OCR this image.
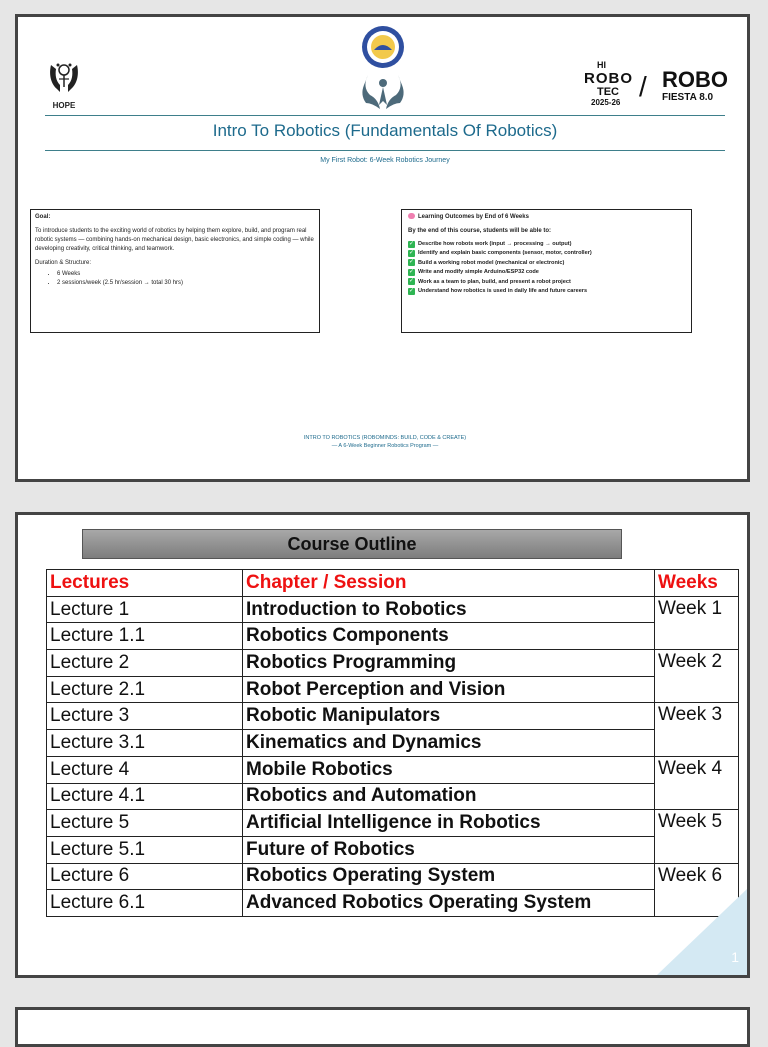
HOPE
HI
ROBO
TEC
2025-26
/ ROBO
FIESTA 8.0
Intro To Robotics (Fundamentals Of Robotics)
My First Robot: 6-Week Robotics Journey

Goal:

To introduce students to the exciting world of robotics by helping them explore, build, and program real robotic systems — combining hands-on mechanical design, basic electronics, and simple coding — while developing creativity, critical thinking, and teamwork.

Duration & Structure:
• 6 Weeks
• 2 sessions/week (2.5 hr/session → total 30 hrs)
Learning Outcomes by End of 6 Weeks
By the end of this course, students will be able to:
✓ Describe how robots work (input → processing → output)
✓ Identify and explain basic components (sensor, motor, controller)
✓ Build a working robot model (mechanical or electronic)
✓ Write and modify simple Arduino/ESP32 code
✓ Work as a team to plan, build, and present a robot project
✓ Understand how robotics is used in daily life and future careers
INTRO TO ROBOTICS (ROBOMINDS: BUILD, CODE & CREATE)
— A 6-Week Beginner Robotics Program —
Course Outline
Lectures	Chapter / Session	Weeks
Lecture 1	Introduction to Robotics	Week 1
Lecture 1.1	Robotics Components	
Lecture 2	Robotics Programming	Week 2
Lecture 2.1	Robot Perception and Vision	
Lecture 3	Robotic Manipulators	Week 3
Lecture 3.1	Kinematics and Dynamics	
Lecture 4	Mobile Robotics	Week 4
Lecture 4.1	Robotics and Automation	
Lecture 5	Artificial Intelligence in Robotics	Week 5
Lecture 5.1	Future of Robotics	
Lecture 6	Robotics Operating System	Week 6
Lecture 6.1	Advanced Robotics Operating System	
1
